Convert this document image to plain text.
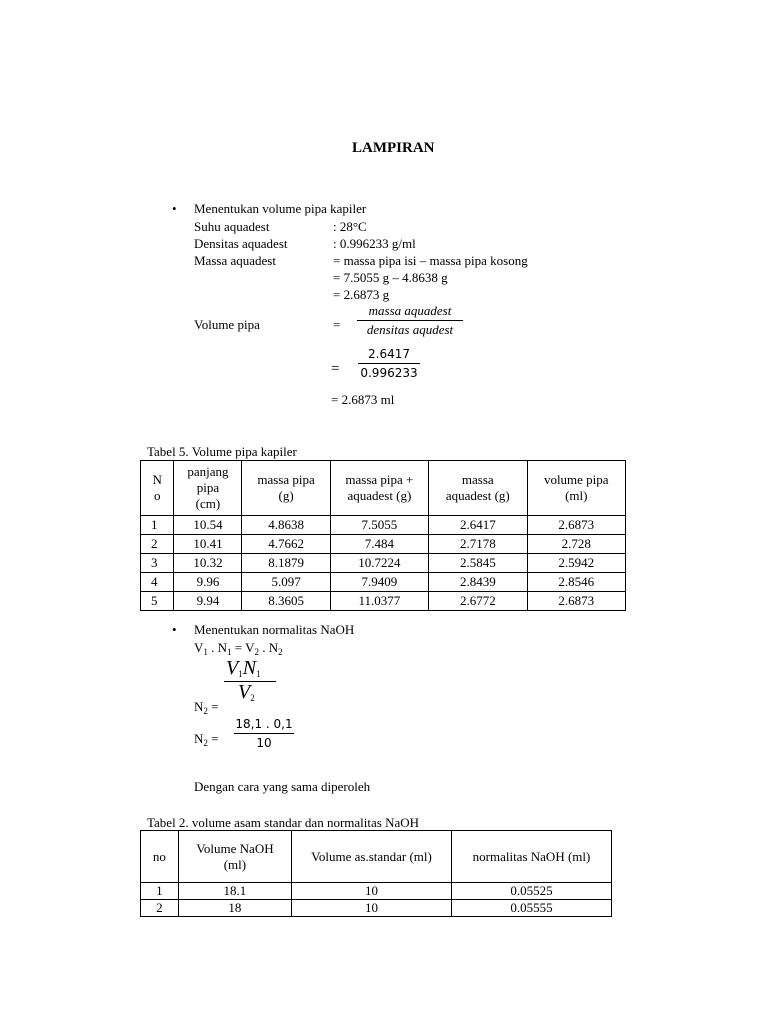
LAMPIRAN
• Menentukan volume pipa kapiler
Suhu aquadest	: 28°C
Densitas aquadest	: 0.996233 g/ml
Massa aquadest	= massa pipa isi – massa pipa kosong
= 7.5055 g – 4.8638 g
= 2.6873 g
Volume pipa	=
massa aquadest
densitas aqudest
=
2.6417
0.996233
= 2.6873 ml
Tabel 5. Volume pipa kapiler
N
o	panjang
pipa
(cm)	massa pipa
(g)	massa pipa +
aquadest (g)	massa
aquadest (g)	volume pipa
(ml)
1	10.54	4.8638	7.5055	2.6417	2.6873
2	10.41	4.7662	7.484	2.7178	2.728
3	10.32	8.1879	10.7224	2.5845	2.5942
4	9.96	5.097	7.9409	2.8439	2.8546
5	9.94	8.3605	11.0377	2.6772	2.6873
• Menentukan normalitas NaOH
$V_1$ . $N_1 = V_2$ . $N_2$
$V_1N_1$
$V_2$
$N_2$ =
$N_2$ =
18,1 . 0,1
10
Dengan cara yang sama diperoleh
Tabel 2. volume asam standar dan normalitas NaOH
no	Volume NaOH
(ml)	Volume as.standar (ml)	normalitas NaOH (ml)
1	18.1	10	0.05525
2	18	10	0.05555
